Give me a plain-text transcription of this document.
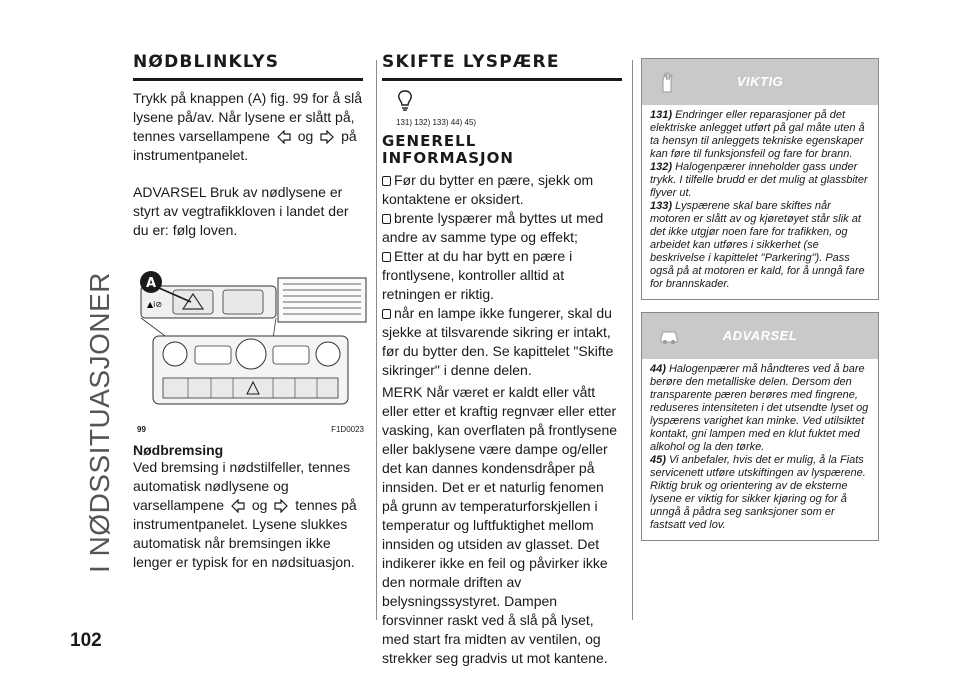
I NØDSSITUASJONER
102
NØDBLINKLYS

Trykk på knappen (A) fig. 99 for å slå lysene på/av. Når lysene er slått på, tennes varsellampene og på instrumentpanelet.

ADVARSEL Bruk av nødlysene er styrt av vegtrafikkloven i landet der du er: følg loven.

▲i⊘
A
99	F1D0023
Nødbremsing

Ved bremsing i nødstilfeller, tennes automatisk nødlysene og varsellampene og tennes på instrumentpanelet. Lysene slukkes automatisk når bremsingen ikke lenger er typisk for en nødsituasjon.

SKIFTE LYSPÆRE
131) 132) 133) 44) 45)
GENERELL INFORMASJON
Før du bytter en pære, sjekk om kontaktene er oksidert.
brente lyspærer må byttes ut med andre av samme type og effekt;
Etter at du har bytt en pære i frontlysene, kontroller alltid at retningen er riktig.
når en lampe ikke fungerer, skal du sjekke at tilsvarende sikring er intakt, før du bytter den. Se kapittelet "Skifte sikringer" i denne delen.

MERK Når været er kaldt eller vått eller etter et kraftig regnvær eller etter vasking, kan overflaten på frontlysene eller baklysene være dampe og/eller det kan dannes kondensdråper på innsiden. Det er et naturlig fenomen på grunn av temperaturforskjellen i temperatur og luftfuktighet mellom innsiden og utsiden av glasset. Det indikerer ikke en feil og påvirker ikke den normale driften av belysningssystyret. Dampen forsvinner raskt ved å slå på lyset, med start fra midten av ventilen, og strekker seg gradvis ut mot kantene.

VIKTIG

131) Endringer eller reparasjoner på det elektriske anlegget utført på gal måte uten å ta hensyn til anleggets tekniske egenskaper kan føre til funksjonsfeil og fare for brann.

132) Halogenpærer inneholder gass under trykk. I tilfelle brudd er det mulig at glassbiter flyver ut.

133) Lyspærene skal bare skiftes når motoren er slått av og kjøretøyet står slik at det ikke utgjør noen fare for trafikken, og arbeidet kan utføres i sikkerhet (se beskrivelse i kapittelet "Parkering"). Pass også på at motoren er kald, for å unngå fare for brannskader.

ADVARSEL

44) Halogenpærer må håndteres ved å bare berøre den metalliske delen. Dersom den transparente pæren berøres med fingrene, reduseres intensiteten i det utsendte lyset og lyspærens varighet kan minke. Ved utilsiktet kontakt, gni lampen med en klut fuktet med alkohol og la den tørke.

45) Vi anbefaler, hvis det er mulig, å la Fiats servicenett utføre utskiftingen av lyspærene. Riktig bruk og orientering av de eksterne lysene er viktig for sikker kjøring og for å unngå å pådra seg sanksjoner som er fastsatt ved lov.
